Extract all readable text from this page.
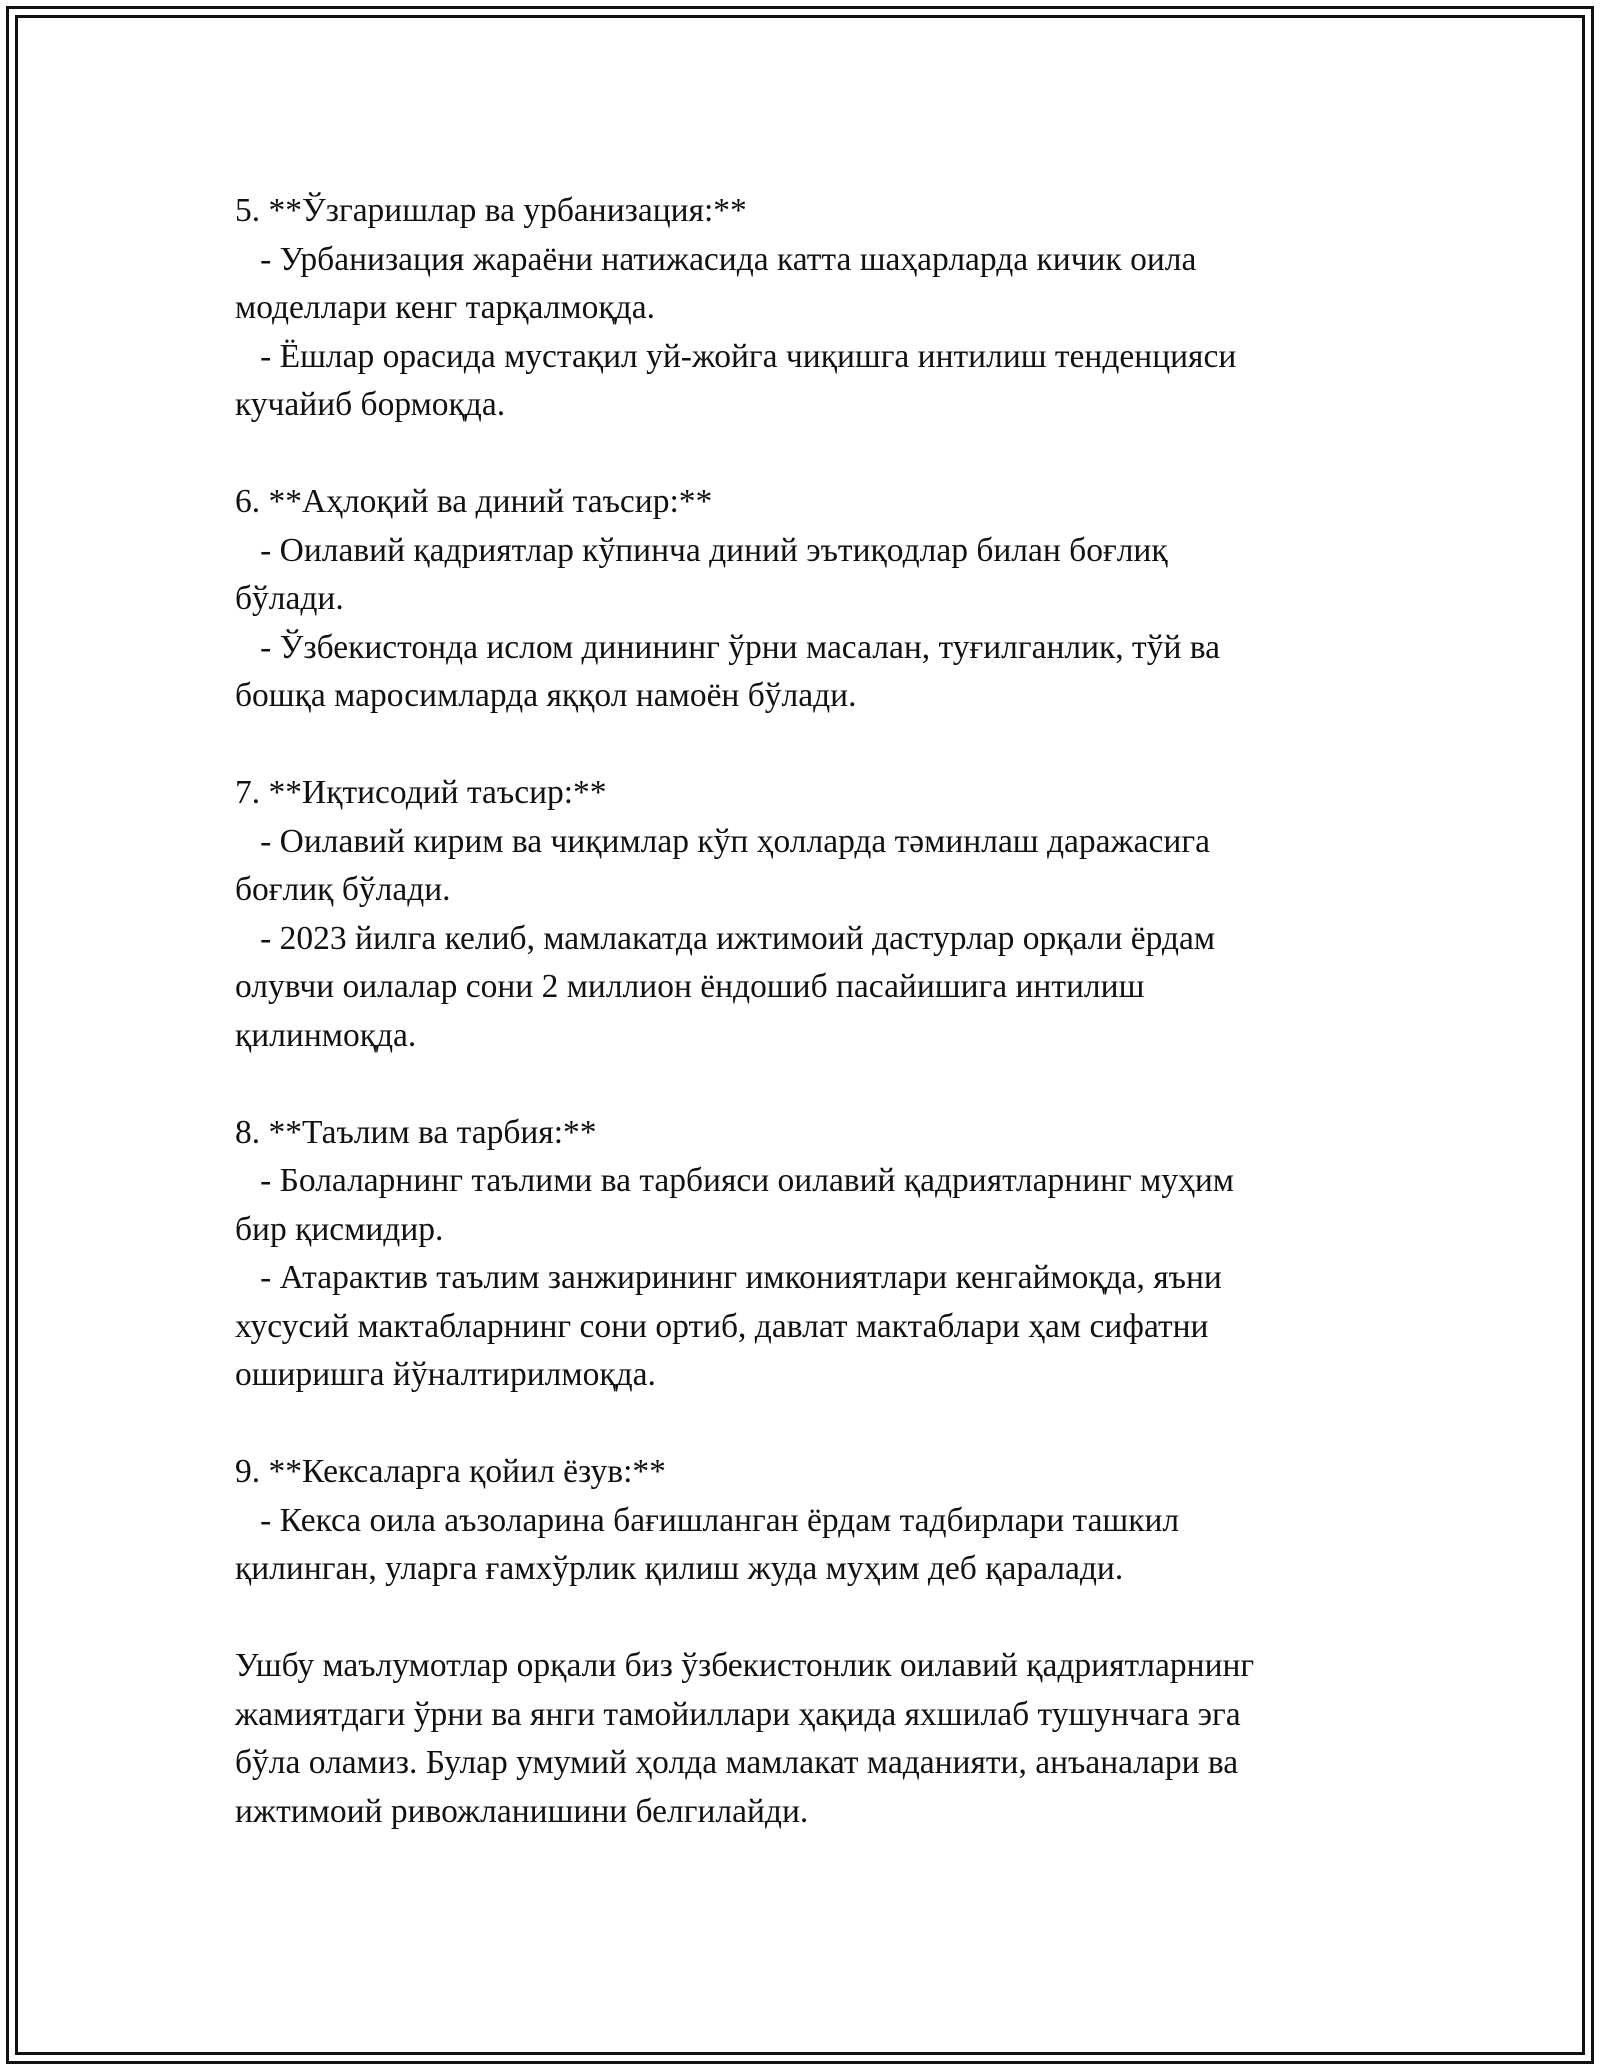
5. **Ўзгаришлар ва урбанизация:**
- Урбанизация жараёни натижасида катта шаҳарларда кичик оила
моделлари кенг тарқалмоқда.
- Ёшлар орасида мустақил уй-жойга чиқишга интилиш тенденцияси
кучайиб бормоқда.
6. **Аҳлоқий ва диний таъсир:**
- Оилавий қадриятлар кўпинча диний эътиқодлар билан боғлиқ
бўлади.
- Ўзбекистонда ислом динининг ўрни масалан, туғилганлик, тўй ва
бошқа маросимларда яққол намоён бўлади.
7. **Иқтисодий таъсир:**
- Оилавий кирим ва чиқимлар кўп ҳолларда тәминлаш даражасига
боғлиқ бўлади.
- 2023 йилга келиб, мамлакатда ижтимоий дастурлар орқали ёрдам
олувчи оилалар сони 2 миллион ёндошиб пасайишига интилиш
қилинмоқда.
8. **Таълим ва тарбия:**
- Болаларнинг таълими ва тарбияси оилавий қадриятларнинг муҳим
бир қисмидир.
- Атарактив таълим занжирининг имкониятлари кенгаймоқда, яъни
хусусий мактабларнинг сони ортиб, давлат мактаблари ҳам сифатни
оширишга йўналтирилмоқда.
9. **Кексаларга қойил ёзув:**
- Кекса оила аъзоларина бағишланган ёрдам тадбирлари ташкил
қилинган, уларга ғамхўрлик қилиш жуда муҳим деб қаралади.
Ушбу маълумотлар орқали биз ўзбекистонлик оилавий қадриятларнинг
жамиятдаги ўрни ва янги тамойиллари ҳақида яхшилаб тушунчага эга
бўла оламиз. Булар умумий ҳолда мамлакат маданияти, анъаналари ва
ижтимоий ривожланишини белгилайди.
